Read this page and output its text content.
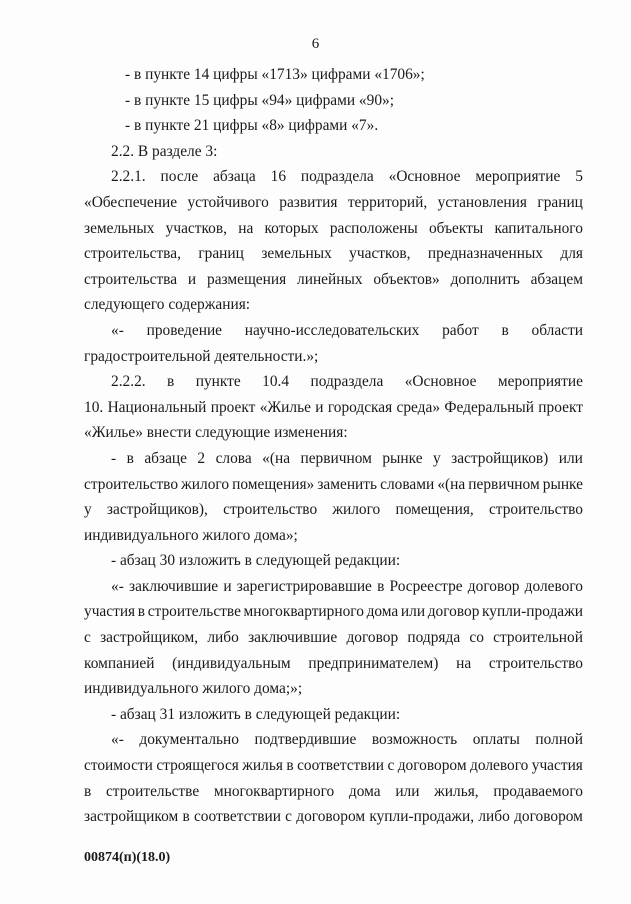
6
- в пункте 14 цифры «1713» цифрами «1706»;
- в пункте 15 цифры «94» цифрами «90»;
- в пункте 21 цифры «8» цифрами «7».
2.2. В разделе 3:
2.2.1. после абзаца 16 подраздела «Основное мероприятие 5
«Обеспечение устойчивого развития территорий, установления границ
земельных участков, на которых расположены объекты капитального
строительства, границ земельных участков, предназначенных для
строительства и размещения линейных объектов» дополнить абзацем
следующего содержания:
«- проведение научно-исследовательских работ в области
градостроительной деятельности.»;
2.2.2. в пункте 10.4 подраздела «Основное мероприятие
10. Национальный проект «Жилье и городская среда» Федеральный проект
«Жилье» внести следующие изменения:
- в абзаце 2 слова «(на первичном рынке у застройщиков) или
строительство жилого помещения» заменить словами «(на первичном рынке
у застройщиков), строительство жилого помещения, строительство
индивидуального жилого дома»;
- абзац 30 изложить в следующей редакции:
«- заключившие и зарегистрировавшие в Росреестре договор долевого
участия в строительстве многоквартирного дома или договор купли-продажи
с застройщиком, либо заключившие договор подряда со строительной
компанией (индивидуальным предпринимателем) на строительство
индивидуального жилого дома;»;
- абзац 31 изложить в следующей редакции:
«- документально подтвердившие возможность оплаты полной
стоимости строящегося жилья в соответствии с договором долевого участия
в строительстве многоквартирного дома или жилья, продаваемого
застройщиком в соответствии с договором купли-продажи, либо договором
00874(п)(18.0)
